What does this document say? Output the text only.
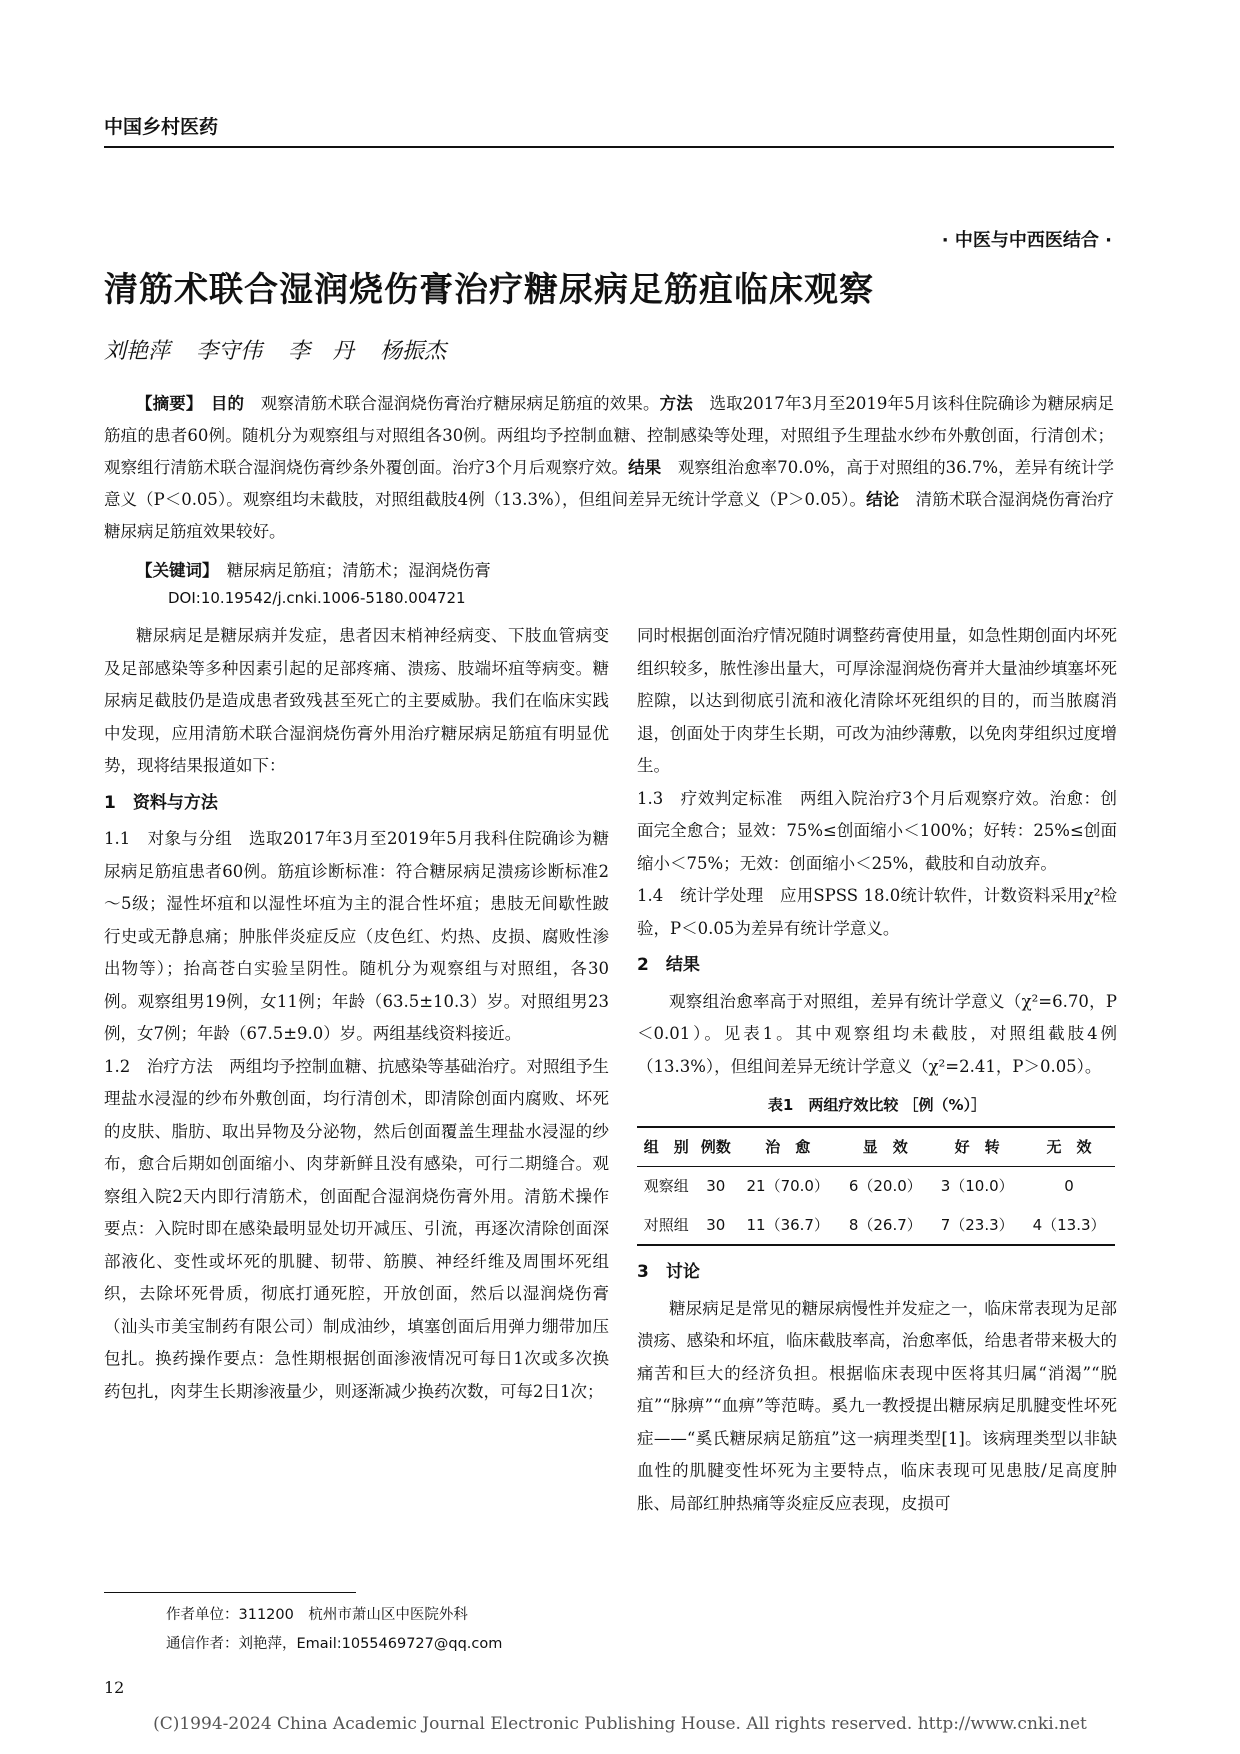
中国乡村医药
· 中医与中西医结合 ·
清筋术联合湿润烧伤膏治疗糖尿病足筋疽临床观察
刘艳萍 李守伟 李　丹 杨振杰

【摘要】　 目的　 观察清筋术联合湿润烧伤膏治疗糖尿病足筋疽的效果。方法　 选取2017年3月至2019年5月该科住院确诊为糖尿病足筋疽的患者60例。随机分为观察组与对照组各30例。两组均予控制血糖、控制感染等处理，对照组予生理盐水纱布外敷创面，行清创术；观察组行清筋术联合湿润烧伤膏纱条外覆创面。治疗3个月后观察疗效。结果　 观察组治愈率70.0%，高于对照组的36.7%，差异有统计学意义（P＜0.05）。观察组均未截肢，对照组截肢4例（13.3%），但组间差异无统计学意义（P＞0.05）。结论　 清筋术联合湿润烧伤膏治疗糖尿病足筋疽效果较好。

【关键词】　 糖尿病足筋疽；清筋术；湿润烧伤膏
DOI:10.19542/j.cnki.1006-5180.004721

糖尿病足是糖尿病并发症，患者因末梢神经病变、下肢血管病变及足部感染等多种因素引起的足部疼痛、溃疡、肢端坏疽等病变。糖尿病足截肢仍是造成患者致残甚至死亡的主要威胁。我们在临床实践中发现，应用清筋术联合湿润烧伤膏外用治疗糖尿病足筋疽有明显优势，现将结果报道如下：

1　资料与方法

1.1　对象与分组　选取2017年3月至2019年5月我科住院确诊为糖尿病足筋疽患者60例。筋疽诊断标准：符合糖尿病足溃疡诊断标准2～5级；湿性坏疽和以湿性坏疽为主的混合性坏疽；患肢无间歇性跛行史或无静息痛；肿胀伴炎症反应（皮色红、灼热、皮损、腐败性渗出物等）；抬高苍白实验呈阴性。随机分为观察组与对照组，各30例。观察组男19例，女11例；年龄（63.5±10.3）岁。对照组男23例，女7例；年龄（67.5±9.0）岁。两组基线资料接近。

1.2　治疗方法　两组均予控制血糖、抗感染等基础治疗。对照组予生理盐水浸湿的纱布外敷创面，均行清创术，即清除创面内腐败、坏死的皮肤、脂肪、取出异物及分泌物，然后创面覆盖生理盐水浸湿的纱布，愈合后期如创面缩小、肉芽新鲜且没有感染，可行二期缝合。观察组入院2天内即行清筋术，创面配合湿润烧伤膏外用。清筋术操作要点：入院时即在感染最明显处切开减压、引流，再逐次清除创面深部液化、变性或坏死的肌腱、韧带、筋膜、神经纤维及周围坏死组织，去除坏死骨质，彻底打通死腔，开放创面，然后以湿润烧伤膏（汕头市美宝制药有限公司）制成油纱，填塞创面后用弹力绷带加压包扎。换药操作要点：急性期根据创面渗液情况可每日1次或多次换药包扎，肉芽生长期渗液量少，则逐渐减少换药次数，可每2日1次；

作者单位：311200　杭州市萧山区中医院外科
通信作者：刘艳萍，Email:1055469727@qq.com

同时根据创面治疗情况随时调整药膏使用量，如急性期创面内坏死组织较多，脓性渗出量大，可厚涂湿润烧伤膏并大量油纱填塞坏死腔隙，以达到彻底引流和液化清除坏死组织的目的，而当脓腐消退，创面处于肉芽生长期，可改为油纱薄敷，以免肉芽组织过度增生。

1.3　疗效判定标准　两组入院治疗3个月后观察疗效。治愈：创面完全愈合；显效：75%≤创面缩小＜100%；好转：25%≤创面缩小＜75%；无效：创面缩小＜25%，截肢和自动放弃。

1.4　统计学处理　应用SPSS 18.0统计软件，计数资料采用χ²检验，P＜0.05为差异有统计学意义。

2　结果

观察组治愈率高于对照组，差异有统计学意义（χ²=6.70，P＜0.01）。见表1。其中观察组均未截肢，对照组截肢4例（13.3%），但组间差异无统计学意义（χ²=2.41，P＞0.05）。

表1　两组疗效比较 ［例（%）］
组　别	例数	治　愈	显　效	好　转	无　效
观察组	30	21（70.0）	6（20.0）	3（10.0）	0
对照组	30	11（36.7）	8（26.7）	7（23.3）	4（13.3）
3　讨论

糖尿病足是常见的糖尿病慢性并发症之一，临床常表现为足部溃疡、感染和坏疽，临床截肢率高，治愈率低，给患者带来极大的痛苦和巨大的经济负担。根据临床表现中医将其归属“消渴”“脱疽”“脉痹”“血痹”等范畴。奚九一教授提出糖尿病足肌腱变性坏死症——“奚氏糖尿病足筋疽”这一病理类型[1]。该病理类型以非缺血性的肌腱变性坏死为主要特点，临床表现可见患肢/足高度肿胀、局部红肿热痛等炎症反应表现，皮损可

12
(C)1994-2024 China Academic Journal Electronic Publishing House. All rights reserved. http://www.cnki.net
